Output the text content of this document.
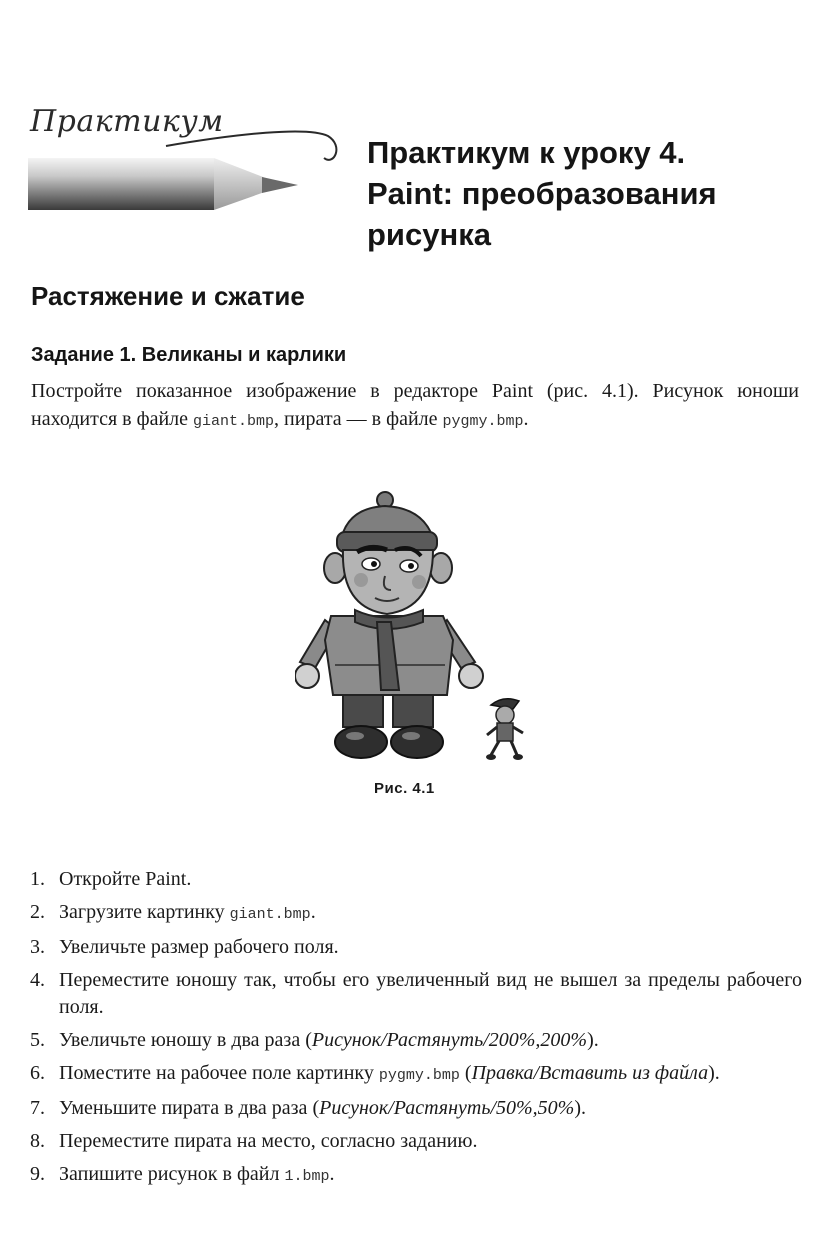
Практикум
Практикум к уроку 4.
Paint: преобразования
рисунка
Растяжение и сжатие
Задание 1. Великаны и карлики
Постройте показанное изображение в редакторе Paint (рис. 4.1). Рисунок юноши находится в файле giant.bmp, пирата — в файле pygmy.bmp.
Рис. 4.1
1. Откройте Paint.
2. Загрузите картинку giant.bmp.
3. Увеличьте размер рабочего поля.
4. Переместите юношу так, чтобы его увеличенный вид не вышел за пределы рабочего поля.
5. Увеличьте юношу в два раза (Рисунок/Растянуть/200%,200%).
6. Поместите на рабочее поле картинку pygmy.bmp (Правка/Вставить из файла).
7. Уменьшите пирата в два раза (Рисунок/Растянуть/50%,50%).
8. Переместите пирата на место, согласно заданию.
9. Запишите рисунок в файл 1.bmp.
